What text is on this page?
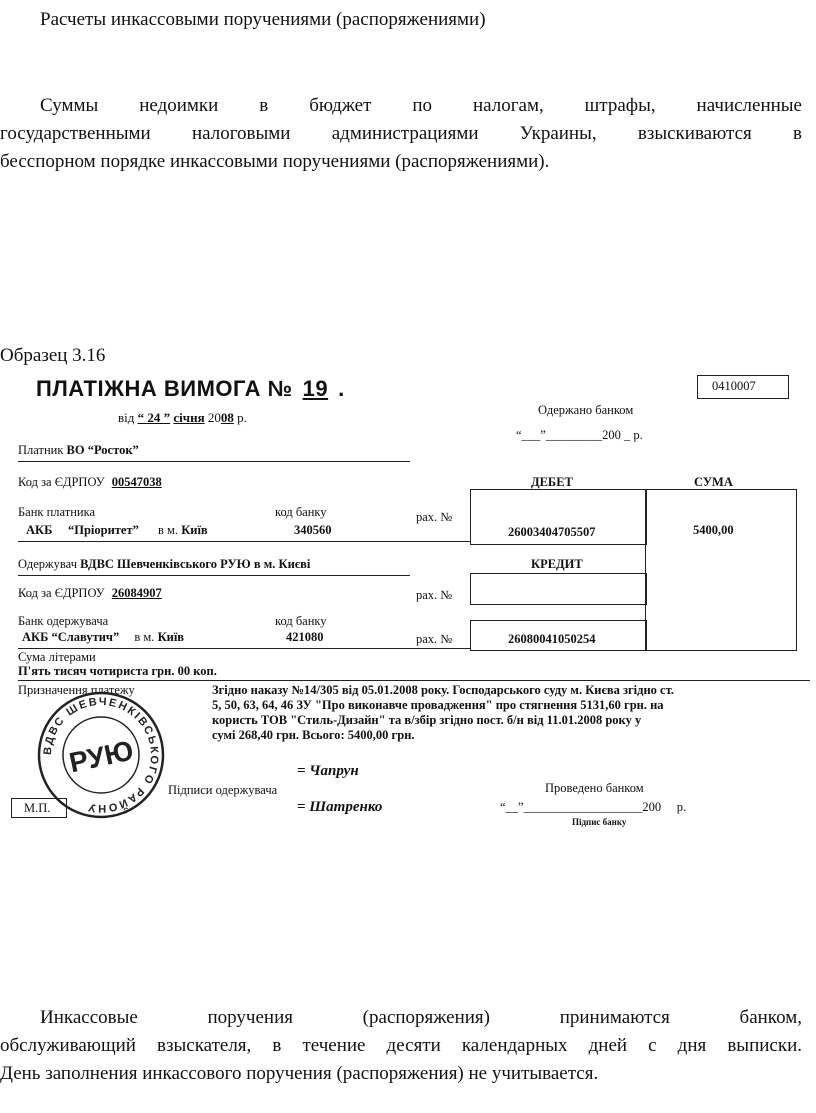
Расчеты инкассовыми поручениями (распоряжениями)
Суммы недоимки в бюджет по налогам, штрафы, начисленные
государственными налоговыми администрациями Украины, взыскиваются в
бесспорном порядке инкассовыми поручениями (распоряжениями).
Образец 3.16
ПЛАТІЖНА ВИМОГА № 19 .
від “ 24 ” січня 2008 р.
0410007
Одержано банком
“___”_________200 _ р.
Платник ВО “Росток”
Код за ЄДРПОУ 00547038	ДЕБЕТ	СУМА
Банк платника	код банку	рах. №
АКБ     “Пріоритет” в м. Київ	340560	26003404705507	5400,00
Одержувач ВДВС Шевченківського РУЮ в м. Києві	КРЕДИТ
Код за ЄДРПОУ 26084907	рах. №
Банк одержувача	код банку
АКБ “Славутич” в м. Київ	421080	рах. №	26080041050254
Сума літерами
П'ять тисяч чотириста грн. 00 коп.
Призначення платежу	Згідно наказу №14/305 від 05.01.2008 року. Господарського суду м. Києва згідно ст.
5, 50, 63, 64, 46 ЗУ "Про виконавче провадження" про стягнення 5131,60 грн. на
користь ТОВ "Стиль-Дизайн" та в/збір згідно пост. б/н від 11.01.2008 року у
сумі 268,40 грн. Всього: 5400,00 грн.
= Чапрун
Підписи одержувача
= Шатренко
М.П.
Проведено банком
“__”___________________200     р.
Підпис банку
ВДВС ШЕВЧЕНКІВСЬКОГО РАЙОНУ
РУЮ
Инкассовые поручения (распоряжения) принимаются банком,
обслуживающий взыскателя, в течение десяти календарных дней с дня выписки.
День заполнения инкассового поручения (распоряжения) не учитывается.
